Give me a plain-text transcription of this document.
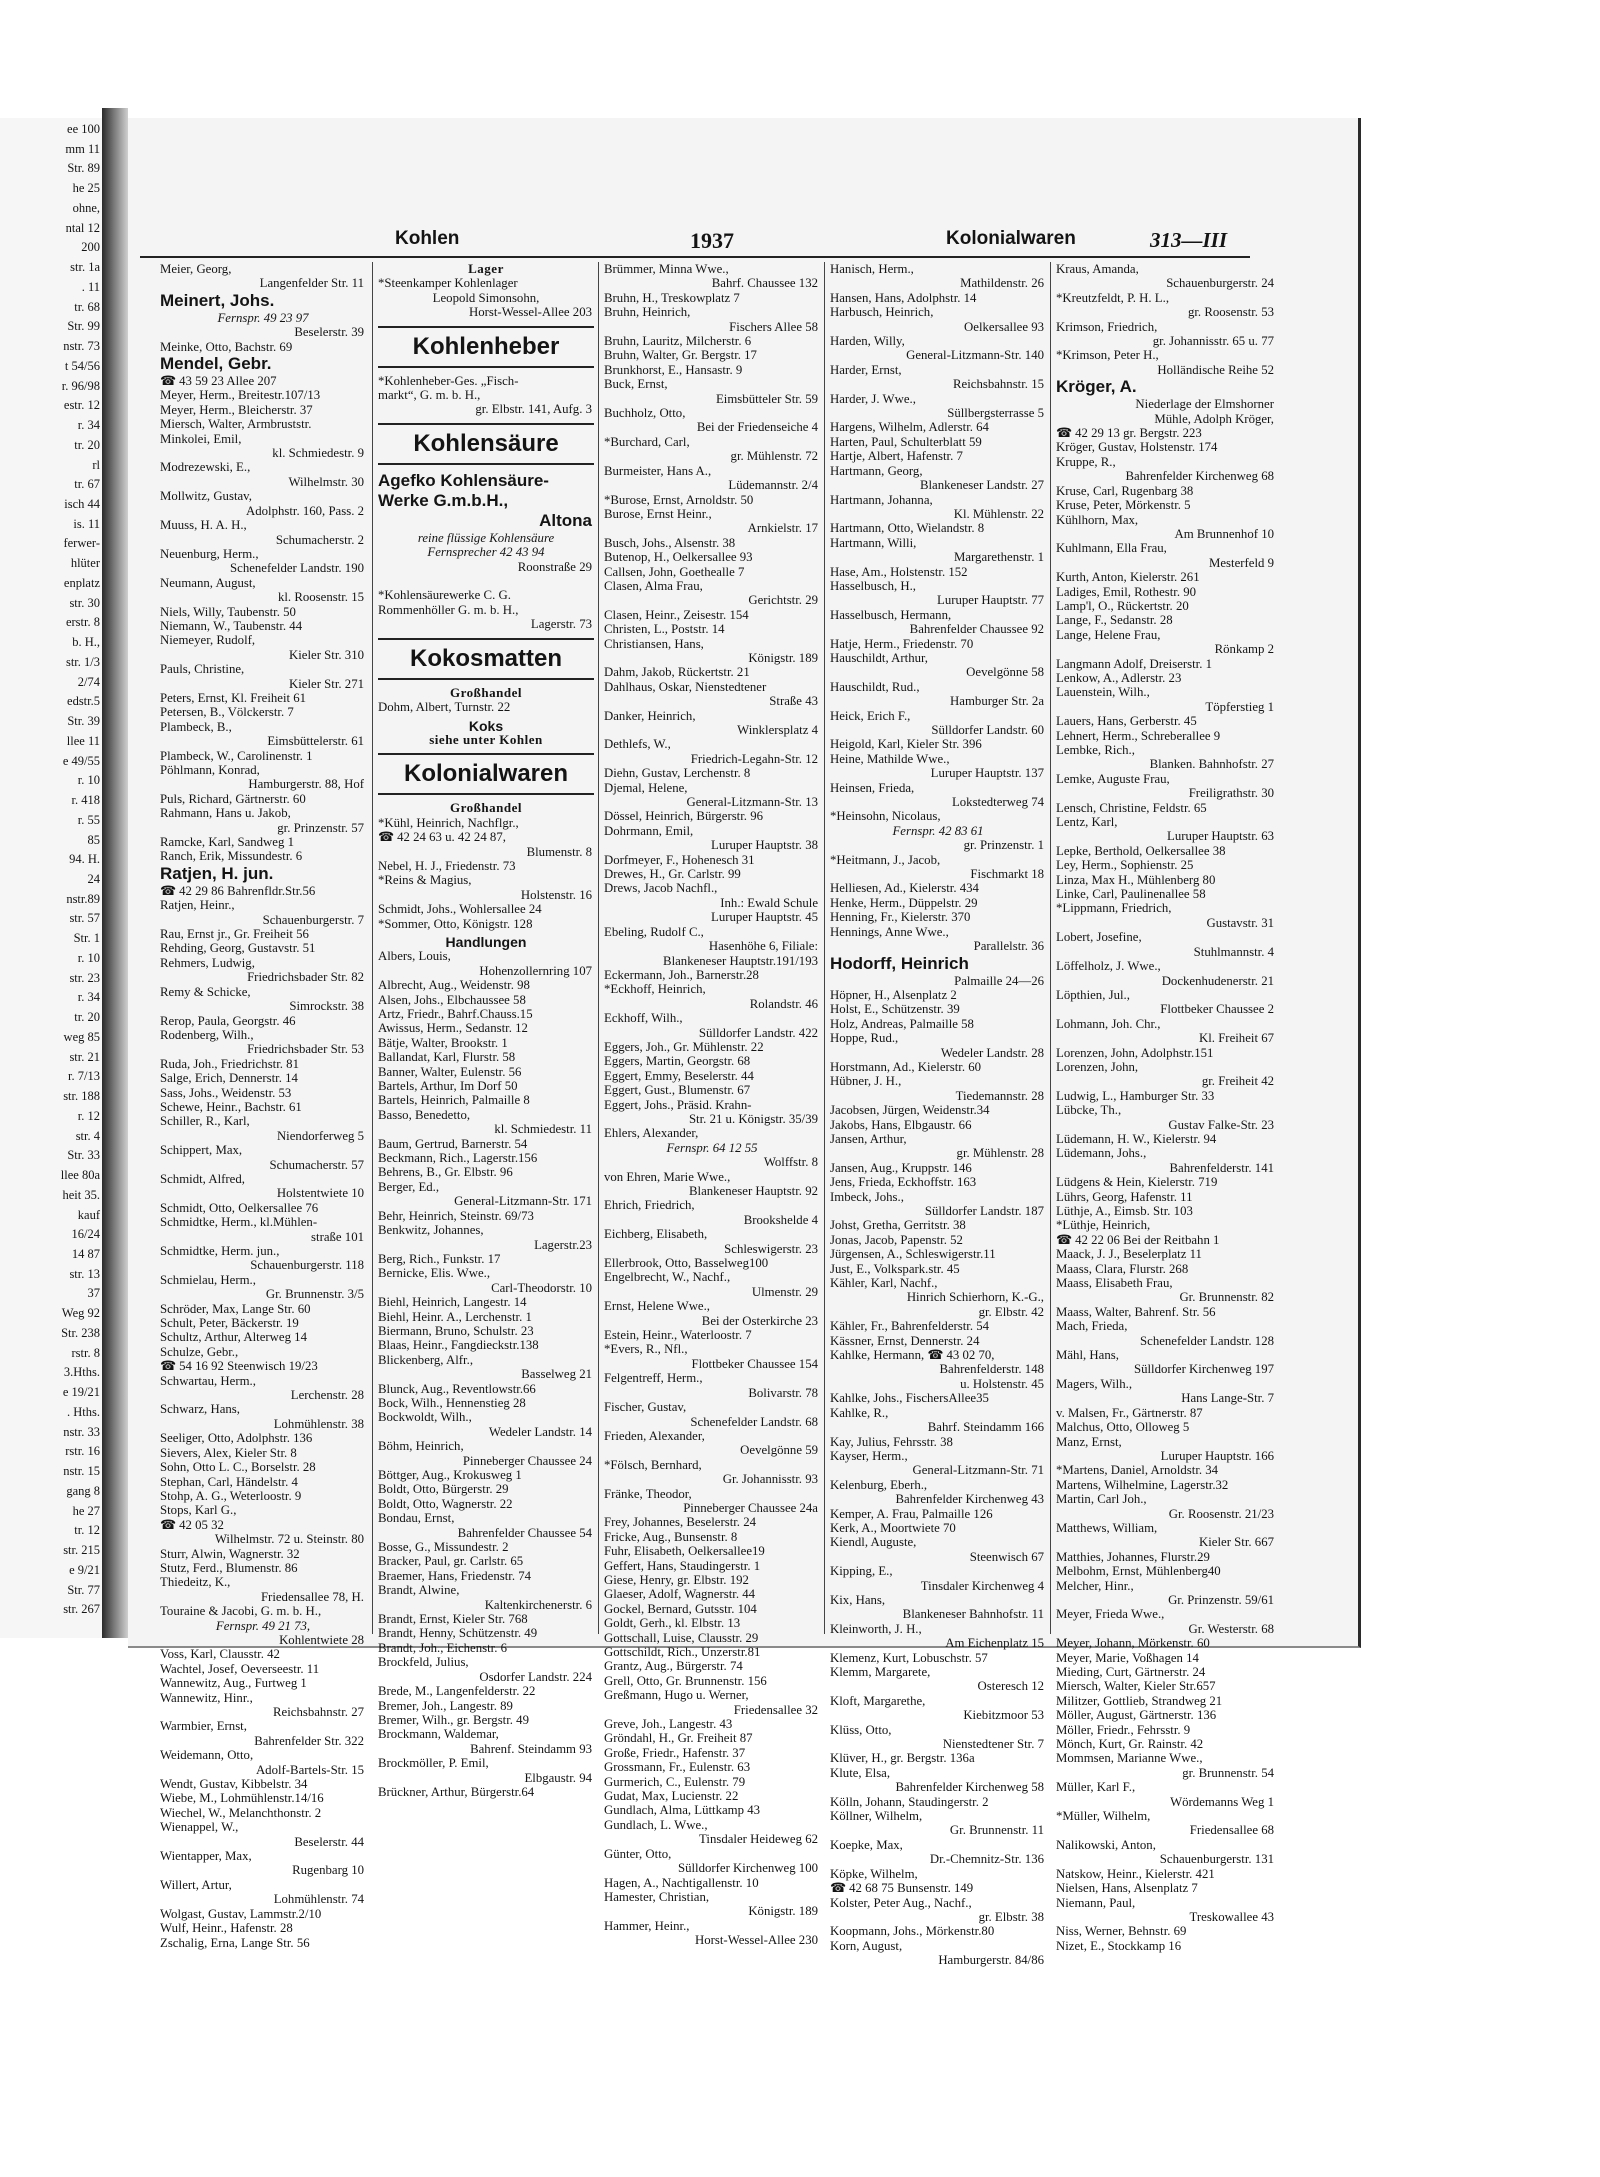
ee 100
mm 11
Str. 89
he 25
ohne,
ntal 12
200
str. 1a
. 11
tr. 68
Str. 99
nstr. 73
t 54/56
r. 96/98
estr. 12
r. 34
tr. 20
rl
tr. 67
isch 44
is. 11
ferwer-
hlüter
enplatz
str. 30
erstr. 8
b. H.,
str. 1/3
2/74
edstr.5
Str. 39
llee 11
e 49/55
r. 10
r. 418
r. 55
85
94. H.
24
nstr.89
str. 57
Str. 1
r. 10
str. 23
r. 34
tr. 20
weg 85
str. 21
r. 7/13
str. 188
r. 12
str. 4
Str. 33
llee 80a
heit 35.
kauf
16/24
14 87
str. 13
37
Weg 92
Str. 238
rstr. 8
3.Hths.
e 19/21
. Hths.
nstr. 33
rstr. 16
nstr. 15
gang 8
he 27
tr. 12
str. 215
e 9/21
Str. 77
str. 267
Kohlen	1937	Kolonialwaren	313—III
Meier, Georg,
Langenfelder Str. 11
Meinert, Johs.
Fernspr. 49 23 97
Beselerstr. 39
Meinke, Otto, Bachstr. 69
Mendel, Gebr.
☎ 43 59 23 Allee 207
Meyer, Herm., Breitestr.107/13
Meyer, Herm., Bleicherstr. 37
Miersch, Walter, Armbruststr.
Minkolei, Emil,
kl. Schmiedestr. 9
Modrezewski, E.,
Wilhelmstr. 30
Mollwitz, Gustav,
Adolphstr. 160, Pass. 2
Muuss, H. A. H.,
Schumacherstr. 2
Neuenburg, Herm.,
Schenefelder Landstr. 190
Neumann, August,
kl. Roosenstr. 15
Niels, Willy, Taubenstr. 50
Niemann, W., Taubenstr. 44
Niemeyer, Rudolf,
Kieler Str. 310
Pauls, Christine,
Kieler Str. 271
Peters, Ernst, Kl. Freiheit 61
Petersen, B., Völckerstr. 7
Plambeck, B.,
Eimsbüttelerstr. 61
Plambeck, W., Carolinenstr. 1
Pöhlmann, Konrad,
Hamburgerstr. 88, Hof
Puls, Richard, Gärtnerstr. 60
Rahmann, Hans u. Jakob,
gr. Prinzenstr. 57
Ramcke, Karl, Sandweg 1
Ranch, Erik, Missundestr. 6
Ratjen, H. jun.
☎ 42 29 86 Bahrenfldr.Str.56
Ratjen, Heinr.,
Schauenburgerstr. 7
Rau, Ernst jr., Gr. Freiheit 56
Rehding, Georg, Gustavstr. 51
Rehmers, Ludwig,
Friedrichsbader Str. 82
Remy & Schicke,
Simrockstr. 38
Rerop, Paula, Georgstr. 46
Rodenberg, Wilh.,
Friedrichsbader Str. 53
Ruda, Joh., Friedrichstr. 81
Salge, Erich, Dennerstr. 14
Sass, Johs., Weidenstr. 53
Schewe, Heinr., Bachstr. 61
Schiller, R., Karl,
Niendorferweg 5
Schippert, Max,
Schumacherstr. 57
Schmidt, Alfred,
Holstentwiete 10
Schmidt, Otto, Oelkersallee 76
Schmidtke, Herm., kl.Mühlen-
straße 101
Schmidtke, Herm. jun.,
Schauenburgerstr. 118
Schmielau, Herm.,
Gr. Brunnenstr. 3/5
Schröder, Max, Lange Str. 60
Schult, Peter, Bäckerstr. 19
Schultz, Arthur, Alterweg 14
Schulze, Gebr.,
☎ 54 16 92 Steenwisch 19/23
Schwartau, Herm.,
Lerchenstr. 28
Schwarz, Hans,
Lohmühlenstr. 38
Seeliger, Otto, Adolphstr. 136
Sievers, Alex, Kieler Str. 8
Sohn, Otto L. C., Borselstr. 28
Stephan, Carl, Händelstr. 4
Stohp, A. G., Weterloostr. 9
Stops, Karl G.,
☎ 42 05 32
Wilhelmstr. 72 u. Steinstr. 80
Sturr, Alwin, Wagnerstr. 32
Stutz, Ferd., Blumenstr. 86
Thiedeitz, K.,
Friedensallee 78, H.
Touraine & Jacobi, G. m. b. H.,
Fernspr. 49 21 73,
Kohlentwiete 28
Voss, Karl, Clausstr. 42
Wachtel, Josef, Oeverseestr. 11
Wannewitz, Aug., Furtweg 1
Wannewitz, Hinr.,
Reichsbahnstr. 27
Warmbier, Ernst,
Bahrenfelder Str. 322
Weidemann, Otto,
Adolf-Bartels-Str. 15
Wendt, Gustav, Kibbelstr. 34
Wiebe, M., Lohmühlenstr.14/16
Wiechel, W., Melanchthonstr. 2
Wienappel, W.,
Beselerstr. 44
Wientapper, Max,
Rugenbarg 10
Willert, Artur,
Lohmühlenstr. 74
Wolgast, Gustav, Lammstr.2/10
Wulf, Heinr., Hafenstr. 28
Zschalig, Erna, Lange Str. 56
Lager
*Steenkamper Kohlenlager
Leopold Simonsohn,
Horst-Wessel-Allee 203
Kohlenheber
*Kohlenheber-Ges. „Fisch-
markt“, G. m. b. H.,
gr. Elbstr. 141, Aufg. 3
Kohlensäure
Agefko Kohlensäure-
Werke G.m.b.H.,
Altona
reine flüssige Kohlensäure
Fernsprecher 42 43 94
Roonstraße 29

*Kohlensäurewerke C. G.
Rommenhöller G. m. b. H.,
Lagerstr. 73
Kokosmatten
Großhandel
Dohm, Albert, Turnstr. 22
Koks
siehe unter Kohlen
Kolonialwaren
Großhandel
*Kühl, Heinrich, Nachflgr.,
☎ 42 24 63 u. 42 24 87,
Blumenstr. 8
Nebel, H. J., Friedenstr. 73
*Reins & Magius,
Holstenstr. 16
Schmidt, Johs., Wohlersallee 24
*Sommer, Otto, Königstr. 128
Handlungen
Albers, Louis,
Hohenzollernring 107
Albrecht, Aug., Weidenstr. 98
Alsen, Johs., Elbchaussee 58
Artz, Friedr., Bahrf.Chauss.15
Awissus, Herm., Sedanstr. 12
Bätje, Walter, Brookstr. 1
Ballandat, Karl, Flurstr. 58
Banner, Walter, Eulenstr. 56
Bartels, Arthur, Im Dorf 50
Bartels, Heinrich, Palmaille 8
Basso, Benedetto,
kl. Schmiedestr. 11
Baum, Gertrud, Barnerstr. 54
Beckmann, Rich., Lagerstr.156
Behrens, B., Gr. Elbstr. 96
Berger, Ed.,
General-Litzmann-Str. 171
Behr, Heinrich, Steinstr. 69/73
Benkwitz, Johannes,
Lagerstr.23
Berg, Rich., Funkstr. 17
Bernicke, Elis. Wwe.,
Carl-Theodorstr. 10
Biehl, Heinrich, Langestr. 14
Biehl, Heinr. A., Lerchenstr. 1
Biermann, Bruno, Schulstr. 23
Blaas, Heinr., Fangdieckstr.138
Blickenberg, Alfr.,
Basselweg 21
Blunck, Aug., Reventlowstr.66
Bock, Wilh., Hennenstieg 28
Bockwoldt, Wilh.,
Wedeler Landstr. 14
Böhm, Heinrich,
Pinneberger Chaussee 24
Böttger, Aug., Krokusweg 1
Boldt, Otto, Bürgerstr. 29
Boldt, Otto, Wagnerstr. 22
Bondau, Ernst,
Bahrenfelder Chaussee 54
Bosse, G., Missundestr. 2
Bracker, Paul, gr. Carlstr. 65
Braemer, Hans, Friedenstr. 74
Brandt, Alwine,
Kaltenkirchenerstr. 6
Brandt, Ernst, Kieler Str. 768
Brandt, Henny, Schützenstr. 49
Brandt, Joh., Eichenstr. 6
Brockfeld, Julius,
Osdorfer Landstr. 224
Brede, M., Langenfelderstr. 22
Bremer, Joh., Langestr. 89
Bremer, Wilh., gr. Bergstr. 49
Brockmann, Waldemar,
Bahrenf. Steindamm 93
Brockmöller, P. Emil,
Elbgaustr. 94
Brückner, Arthur, Bürgerstr.64
Brümmer, Minna Wwe.,
Bahrf. Chaussee 132
Bruhn, H., Treskowplatz 7
Bruhn, Heinrich,
Fischers Allee 58
Bruhn, Lauritz, Milcherstr. 6
Bruhn, Walter, Gr. Bergstr. 17
Brunkhorst, E., Hansastr. 9
Buck, Ernst,
Eimsbütteler Str. 59
Buchholz, Otto,
Bei der Friedenseiche 4
*Burchard, Carl,
gr. Mühlenstr. 72
Burmeister, Hans A.,
Lüdemannstr. 2/4
*Burose, Ernst, Arnoldstr. 50
Burose, Ernst Heinr.,
Arnkielstr. 17
Busch, Johs., Alsenstr. 38
Butenop, H., Oelkersallee 93
Callsen, John, Goethealle 7
Clasen, Alma Frau,
Gerichtstr. 29
Clasen, Heinr., Zeisestr. 154
Christen, L., Poststr. 14
Christiansen, Hans,
Königstr. 189
Dahm, Jakob, Rückertstr. 21
Dahlhaus, Oskar, Nienstedtener
Straße 43
Danker, Heinrich,
Winklersplatz 4
Dethlefs, W.,
Friedrich-Legahn-Str. 12
Diehn, Gustav, Lerchenstr. 8
Djemal, Helene,
General-Litzmann-Str. 13
Dössel, Heinrich, Bürgerstr. 96
Dohrmann, Emil,
Luruper Hauptstr. 38
Dorfmeyer, F., Hohenesch 31
Drewes, H., Gr. Carlstr. 99
Drews, Jacob Nachfl.,
Inh.: Ewald Schule
Luruper Hauptstr. 45
Ebeling, Rudolf C.,
Hasenhöhe 6, Filiale:
Blankeneser Hauptstr.191/193
Eckermann, Joh., Barnerstr.28
*Eckhoff, Heinrich,
Rolandstr. 46
Eckhoff, Wilh.,
Sülldorfer Landstr. 422
Eggers, Joh., Gr. Mühlenstr. 22
Eggers, Martin, Georgstr. 68
Eggert, Emmy, Beselerstr. 44
Eggert, Gust., Blumenstr. 67
Eggert, Johs., Präsid. Krahn-
Str. 21 u. Königstr. 35/39
Ehlers, Alexander,
Fernspr. 64 12 55
Wolffstr. 8
von Ehren, Marie Wwe.,
Blankeneser Hauptstr. 92
Ehrich, Friedrich,
Brookshelde 4
Eichberg, Elisabeth,
Schleswigerstr. 23
Ellerbrook, Otto, Basselweg100
Engelbrecht, W., Nachf.,
Ulmenstr. 29
Ernst, Helene Wwe.,
Bei der Osterkirche 23
Estein, Heinr., Waterloostr. 7
*Evers, R., Nfl.,
Flottbeker Chaussee 154
Felgentreff, Herm.,
Bolivarstr. 78
Fischer, Gustav,
Schenefelder Landstr. 68
Frieden, Alexander,
Oevelgönne 59
*Fölsch, Bernhard,
Gr. Johannisstr. 93
Fränke, Theodor,
Pinneberger Chaussee 24a
Frey, Johannes, Beselerstr. 24
Fricke, Aug., Bunsenstr. 8
Fuhr, Elisabeth, Oelkersallee19
Geffert, Hans, Staudingerstr. 1
Giese, Henry, gr. Elbstr. 192
Glaeser, Adolf, Wagnerstr. 44
Gockel, Bernard, Gutsstr. 104
Goldt, Gerh., kl. Elbstr. 13
Gottschall, Luise, Clausstr. 29
Gottschildt, Rich., Unzerstr.81
Grantz, Aug., Bürgerstr. 74
Grell, Otto, Gr. Brunnenstr. 156
Greßmann, Hugo u. Werner,
Friedensallee 32
Greve, Joh., Langestr. 43
Gröndahl, H., Gr. Freiheit 87
Große, Friedr., Hafenstr. 37
Grossmann, Fr., Eulenstr. 63
Gurmerich, C., Eulenstr. 79
Gudat, Max, Lucienstr. 22
Gundlach, Alma, Lüttkamp 43
Gundlach, L. Wwe.,
Tinsdaler Heideweg 62
Günter, Otto,
Sülldorfer Kirchenweg 100
Hagen, A., Nachtigallenstr. 10
Hamester, Christian,
Königstr. 189
Hammer, Heinr.,
Horst-Wessel-Allee 230
Hanisch, Herm.,
Mathildenstr. 26
Hansen, Hans, Adolphstr. 14
Harbusch, Heinrich,
Oelkersallee 93
Harden, Willy,
General-Litzmann-Str. 140
Harder, Ernst,
Reichsbahnstr. 15
Harder, J. Wwe.,
Süllbergsterrasse 5
Hargens, Wilhelm, Adlerstr. 64
Harten, Paul, Schulterblatt 59
Hartje, Albert, Hafenstr. 7
Hartmann, Georg,
Blankeneser Landstr. 27
Hartmann, Johanna,
Kl. Mühlenstr. 22
Hartmann, Otto, Wielandstr. 8
Hartmann, Willi,
Margarethenstr. 1
Hase, Am., Holstenstr. 152
Hasselbusch, H.,
Luruper Hauptstr. 77
Hasselbusch, Hermann,
Bahrenfelder Chaussee 92
Hatje, Herm., Friedenstr. 70
Hauschildt, Arthur,
Oevelgönne 58
Hauschildt, Rud.,
Hamburger Str. 2a
Heick, Erich F.,
Sülldorfer Landstr. 60
Heigold, Karl, Kieler Str. 396
Heine, Mathilde Wwe.,
Luruper Hauptstr. 137
Heinsen, Frieda,
Lokstedterweg 74
*Heinsohn, Nicolaus,
Fernspr. 42 83 61
gr. Prinzenstr. 1
*Heitmann, J., Jacob,
Fischmarkt 18
Helliesen, Ad., Kielerstr. 434
Henke, Herm., Düppelstr. 29
Henning, Fr., Kielerstr. 370
Hennings, Anne Wwe.,
Parallelstr. 36
Hodorff, Heinrich
Palmaille 24—26
Höpner, H., Alsenplatz 2
Holst, E., Schützenstr. 39
Holz, Andreas, Palmaille 58
Hoppe, Rud.,
Wedeler Landstr. 28
Horstmann, Ad., Kielerstr. 60
Hübner, J. H.,
Tiedemannstr. 28
Jacobsen, Jürgen, Weidenstr.34
Jakobs, Hans, Elbgaustr. 66
Jansen, Arthur,
gr. Mühlenstr. 28
Jansen, Aug., Kruppstr. 146
Jens, Frieda, Eckhoffstr. 163
Imbeck, Johs.,
Sülldorfer Landstr. 187
Johst, Gretha, Gerritstr. 38
Jonas, Jacob, Papenstr. 52
Jürgensen, A., Schleswigerstr.11
Just, E., Volkspark.str. 45
Kähler, Karl, Nachf.,
Hinrich Schierhorn, K.-G.,
gr. Elbstr. 42
Kähler, Fr., Bahrenfelderstr. 54
Kässner, Ernst, Dennerstr. 24
Kahlke, Hermann, ☎ 43 02 70,
Bahrenfelderstr. 148
u. Holstenstr. 45
Kahlke, Johs., FischersAllee35
Kahlke, R.,
Bahrf. Steindamm 166
Kay, Julius, Fehrsstr. 38
Kayser, Herm.,
General-Litzmann-Str. 71
Kelenburg, Eberh.,
Bahrenfelder Kirchenweg 43
Kemper, A. Frau, Palmaille 126
Kerk, A., Moortwiete 70
Kiendl, Auguste,
Steenwisch 67
Kipping, E.,
Tinsdaler Kirchenweg 4
Kix, Hans,
Blankeneser Bahnhofstr. 11
Kleinworth, J. H.,
Am Eichenplatz 15
Klemenz, Kurt, Lobuschstr. 57
Klemm, Margarete,
Osteresch 12
Kloft, Margarethe,
Kiebitzmoor 53
Klüss, Otto,
Nienstedtener Str. 7
Klüver, H., gr. Bergstr. 136a
Klute, Elsa,
Bahrenfelder Kirchenweg 58
Kölln, Johann, Staudingerstr. 2
Köllner, Wilhelm,
Gr. Brunnenstr. 11
Koepke, Max,
Dr.-Chemnitz-Str. 136
Köpke, Wilhelm,
☎ 42 68 75 Bunsenstr. 149
Kolster, Peter Aug., Nachf.,
gr. Elbstr. 38
Koopmann, Johs., Mörkenstr.80
Korn, August,
Hamburgerstr. 84/86
Kraus, Amanda,
Schauenburgerstr. 24
*Kreutzfeldt, P. H. L.,
gr. Roosenstr. 53
Krimson, Friedrich,
gr. Johannisstr. 65 u. 77
*Krimson, Peter H.,
Holländische Reihe 52
Kröger, A.
Niederlage der Elmshorner
Mühle, Adolph Kröger,
☎ 42 29 13 gr. Bergstr. 223
Kröger, Gustav, Holstenstr. 174
Kruppe, R.,
Bahrenfelder Kirchenweg 68
Kruse, Carl, Rugenbarg 38
Kruse, Peter, Mörkenstr. 5
Kühlhorn, Max,
Am Brunnenhof 10
Kuhlmann, Ella Frau,
Mesterfeld 9
Kurth, Anton, Kielerstr. 261
Ladiges, Emil, Rothestr. 90
Lamp'l, O., Rückertstr. 20
Lange, F., Sedanstr. 28
Lange, Helene Frau,
Rönkamp 2
Langmann Adolf, Dreiserstr. 1
Lenkow, A., Adlerstr. 23
Lauenstein, Wilh.,
Töpferstieg 1
Lauers, Hans, Gerberstr. 45
Lehnert, Herm., Schreberallee 9
Lembke, Rich.,
Blanken. Bahnhofstr. 27
Lemke, Auguste Frau,
Freiligrathstr. 30
Lensch, Christine, Feldstr. 65
Lentz, Karl,
Luruper Hauptstr. 63
Lepke, Berthold, Oelkersallee 38
Ley, Herm., Sophienstr. 25
Linza, Max H., Mühlenberg 80
Linke, Carl, Paulinenallee 58
*Lippmann, Friedrich,
Gustavstr. 31
Lobert, Josefine,
Stuhlmannstr. 4
Löffelholz, J. Wwe.,
Dockenhudenerstr. 21
Löpthien, Jul.,
Flottbeker Chaussee 2
Lohmann, Joh. Chr.,
Kl. Freiheit 67
Lorenzen, John, Adolphstr.151
Lorenzen, John,
gr. Freiheit 42
Ludwig, L., Hamburger Str. 33
Lübcke, Th.,
Gustav Falke-Str. 23
Lüdemann, H. W., Kielerstr. 94
Lüdemann, Johs.,
Bahrenfelderstr. 141
Lüdgens & Hein, Kielerstr. 719
Lührs, Georg, Hafenstr. 11
Lüthje, A., Eimsb. Str. 103
*Lüthje, Heinrich,
☎ 42 22 06 Bei der Reitbahn 1
Maack, J. J., Beselerplatz 11
Maass, Clara, Flurstr. 268
Maass, Elisabeth Frau,
Gr. Brunnenstr. 82
Maass, Walter, Bahrenf. Str. 56
Mach, Frieda,
Schenefelder Landstr. 128
Mähl, Hans,
Sülldorfer Kirchenweg 197
Magers, Wilh.,
Hans Lange-Str. 7
v. Malsen, Fr., Gärtnerstr. 87
Malchus, Otto, Olloweg 5
Manz, Ernst,
Luruper Hauptstr. 166
*Martens, Daniel, Arnoldstr. 34
Martens, Wilhelmine, Lagerstr.32
Martin, Carl Joh.,
Gr. Roosenstr. 21/23
Matthews, William,
Kieler Str. 667
Matthies, Johannes, Flurstr.29
Melbohm, Ernst, Mühlenberg40
Melcher, Hinr.,
Gr. Prinzenstr. 59/61
Meyer, Frieda Wwe.,
Gr. Westerstr. 68
Meyer, Johann, Mörkenstr. 60
Meyer, Marie, Voßhagen 14
Mieding, Curt, Gärtnerstr. 24
Miersch, Walter, Kieler Str.657
Militzer, Gottlieb, Strandweg 21
Möller, August, Gärtnerstr. 136
Möller, Friedr., Fehrsstr. 9
Mönch, Kurt, Gr. Rainstr. 42
Mommsen, Marianne Wwe.,
gr. Brunnenstr. 54
Müller, Karl F.,
Wördemanns Weg 1
*Müller, Wilhelm,
Friedensallee 68
Nalikowski, Anton,
Schauenburgerstr. 131
Natskow, Heinr., Kielerstr. 421
Nielsen, Hans, Alsenplatz 7
Niemann, Paul,
Treskowallee 43
Niss, Werner, Behnstr. 69
Nizet, E., Stockkamp 16
